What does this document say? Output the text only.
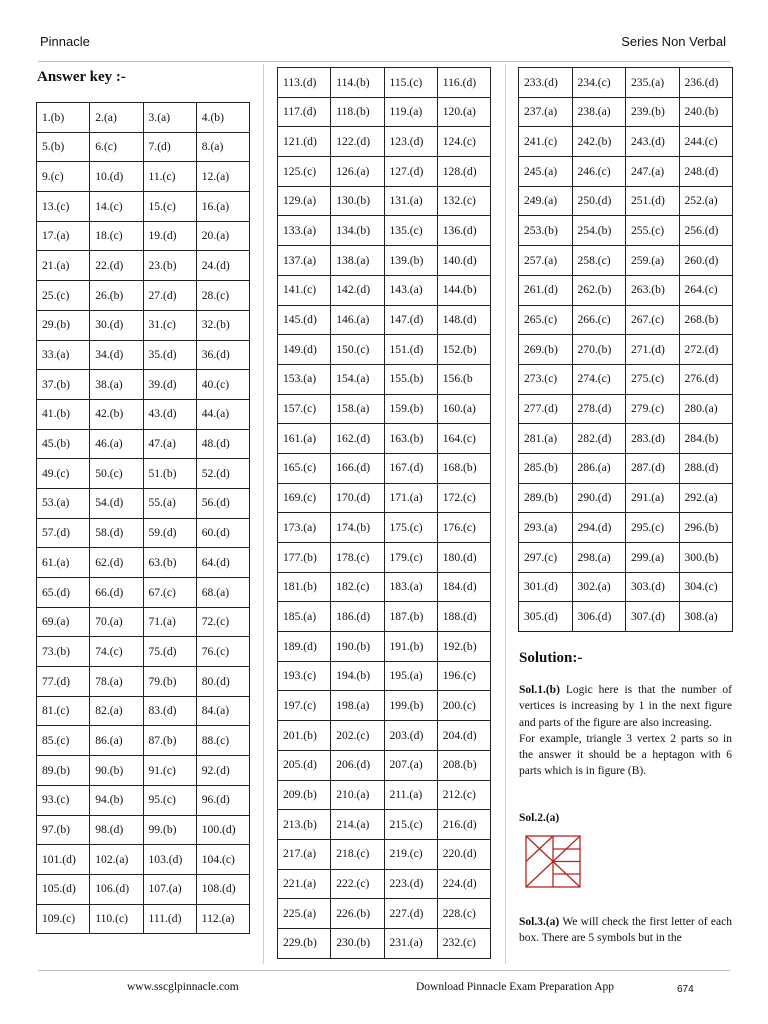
Pinnacle	Series Non Verbal
Answer key :-
1.(b)	2.(a)	3.(a)	4.(b)
5.(b)	6.(c)	7.(d)	8.(a)
9.(c)	10.(d)	11.(c)	12.(a)
13.(c)	14.(c)	15.(c)	16.(a)
17.(a)	18.(c)	19.(d)	20.(a)
21.(a)	22.(d)	23.(b)	24.(d)
25.(c)	26.(b)	27.(d)	28.(c)
29.(b)	30.(d)	31.(c)	32.(b)
33.(a)	34.(d)	35.(d)	36.(d)
37.(b)	38.(a)	39.(d)	40.(c)
41.(b)	42.(b)	43.(d)	44.(a)
45.(b)	46.(a)	47.(a)	48.(d)
49.(c)	50.(c)	51.(b)	52.(d)
53.(a)	54.(d)	55.(a)	56.(d)
57.(d)	58.(d)	59.(d)	60.(d)
61.(a)	62.(d)	63.(b)	64.(d)
65.(d)	66.(d)	67.(c)	68.(a)
69.(a)	70.(a)	71.(a)	72.(c)
73.(b)	74.(c)	75.(d)	76.(c)
77.(d)	78.(a)	79.(b)	80.(d)
81.(c)	82.(a)	83.(d)	84.(a)
85.(c)	86.(a)	87.(b)	88.(c)
89.(b)	90.(b)	91.(c)	92.(d)
93.(c)	94.(b)	95.(c)	96.(d)
97.(b)	98.(d)	99.(b)	100.(d)
101.(d)	102.(a)	103.(d)	104.(c)
105.(d)	106.(d)	107.(a)	108.(d)
109.(c)	110.(c)	111.(d)	112.(a)
113.(d)	114.(b)	115.(c)	116.(d)
117.(d)	118.(b)	119.(a)	120.(a)
121.(d)	122.(d)	123.(d)	124.(c)
125.(c)	126.(a)	127.(d)	128.(d)
129.(a)	130.(b)	131.(a)	132.(c)
133.(a)	134.(b)	135.(c)	136.(d)
137.(a)	138.(a)	139.(b)	140.(d)
141.(c)	142.(d)	143.(a)	144.(b)
145.(d)	146.(a)	147.(d)	148.(d)
149.(d)	150.(c)	151.(d)	152.(b)
153.(a)	154.(a)	155.(b)	156.(b
157.(c)	158.(a)	159.(b)	160.(a)
161.(a)	162.(d)	163.(b)	164.(c)
165.(c)	166.(d)	167.(d)	168.(b)
169.(c)	170.(d)	171.(a)	172.(c)
173.(a)	174.(b)	175.(c)	176.(c)
177.(b)	178.(c)	179.(c)	180.(d)
181.(b)	182.(c)	183.(a)	184.(d)
185.(a)	186.(d)	187.(b)	188.(d)
189.(d)	190.(b)	191.(b)	192.(b)
193.(c)	194.(b)	195.(a)	196.(c)
197.(c)	198.(a)	199.(b)	200.(c)
201.(b)	202.(c)	203.(d)	204.(d)
205.(d)	206.(d)	207.(a)	208.(b)
209.(b)	210.(a)	211.(a)	212.(c)
213.(b)	214.(a)	215.(c)	216.(d)
217.(a)	218.(c)	219.(c)	220.(d)
221.(a)	222.(c)	223.(d)	224.(d)
225.(a)	226.(b)	227.(d)	228.(c)
229.(b)	230.(b)	231.(a)	232.(c)
233.(d)	234.(c)	235.(a)	236.(d)
237.(a)	238.(a)	239.(b)	240.(b)
241.(c)	242.(b)	243.(d)	244.(c)
245.(a)	246.(c)	247.(a)	248.(d)
249.(a)	250.(d)	251.(d)	252.(a)
253.(b)	254.(b)	255.(c)	256.(d)
257.(a)	258.(c)	259.(a)	260.(d)
261.(d)	262.(b)	263.(b)	264.(c)
265.(c)	266.(c)	267.(c)	268.(b)
269.(b)	270.(b)	271.(d)	272.(d)
273.(c)	274.(c)	275.(c)	276.(d)
277.(d)	278.(d)	279.(c)	280.(a)
281.(a)	282.(d)	283.(d)	284.(b)
285.(b)	286.(a)	287.(d)	288.(d)
289.(b)	290.(d)	291.(a)	292.(a)
293.(a)	294.(d)	295.(c)	296.(b)
297.(c)	298.(a)	299.(a)	300.(b)
301.(d)	302.(a)	303.(d)	304.(c)
305.(d)	306.(d)	307.(d)	308.(a)
Solution:-
Sol.1.(b) Logic here is that the number of vertices is increasing by 1 in the next figure and parts of the figure are also increasing.
For example, triangle 3 vertex 2 parts so in the answer it should be a heptagon with 6 parts which is in figure (B).
Sol.2.(a)
Sol.3.(a) We will check the first letter of each box. There are 5 symbols but in the
www.sscglpinnacle.com	Download Pinnacle Exam Preparation App	674
